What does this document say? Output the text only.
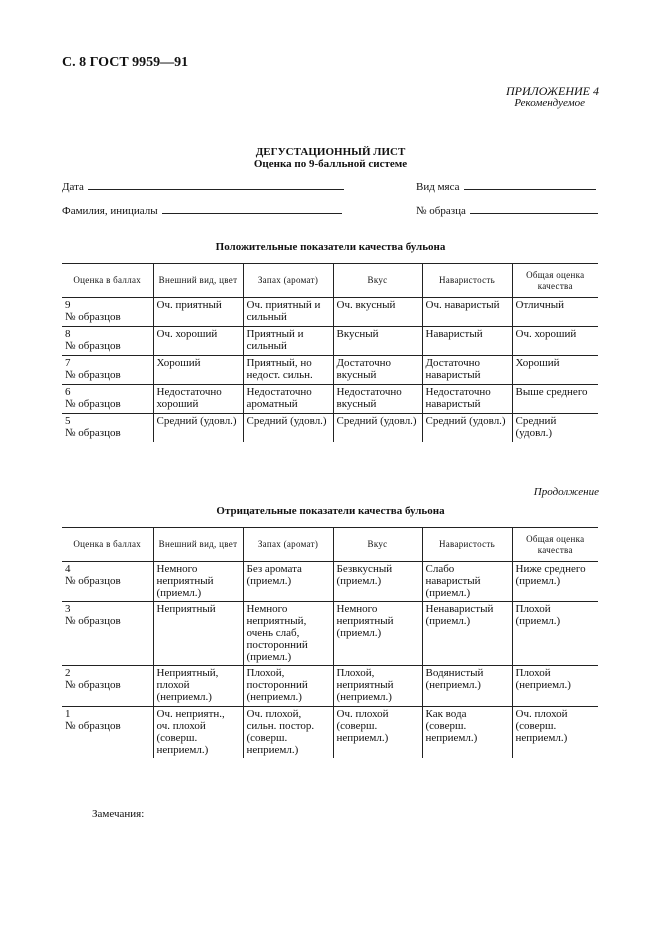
С. 8 ГОСТ 9959—91
ПРИЛОЖЕНИЕ 4
Рекомендуемое
ДЕГУСТАЦИОННЫЙ ЛИСТ
Оценка по 9-балльной системе
Дата	Вид мяса
Фамилия, инициалы	№ образца
Положительные показатели качества бульона
Оценка в баллах	Внешний вид, цвет	Запах (аромат)	Вкус	Наваристость	Общая оценка качества

9
№ образцов	Оч. приятный	Оч. приятный и сильный	Оч. вкусный	Оч. наваристый	Отличный

8
№ образцов	Оч. хороший	Приятный и сильный	Вкусный	Наваристый	Оч. хороший

7
№ образцов	Хороший	Приятный, но недост. сильн.	Достаточно вкусный	Достаточно наваристый	Хороший

6
№ образцов	Недостаточно хороший	Недостаточно ароматный	Недостаточно вкусный	Недостаточно наваристый	Выше среднего

5
№ образцов	Средний (удовл.)	Средний (удовл.)	Средний (удовл.)	Средний (удовл.)	Средний (удовл.)
Продолжение
Отрицательные показатели качества бульона
Оценка в баллах	Внешний вид, цвет	Запах (аромат)	Вкус	Наваристость	Общая оценка качества

4
№ образцов	Немного неприятный (приемл.)	Без аромата (приемл.)	Безвкусный (приемл.)	Слабо наваристый (приемл.)	Ниже среднего (приемл.)

3
№ образцов	Неприятный	Немного неприятный, очень слаб, посторонний (приемл.)	Немного неприятный (приемл.)	Ненаваристый (приемл.)	Плохой (приемл.)

2
№ образцов	Неприятный, плохой (неприемл.)	Плохой, посторонний (неприемл.)	Плохой, неприятный (неприемл.)	Водянистый (неприемл.)	Плохой (неприемл.)

1
№ образцов	Оч. неприятн., оч. плохой (соверш. неприемл.)	Оч. плохой, сильн. постор. (соверш. неприемл.)	Оч. плохой (соверш. неприемл.)	Как вода (соверш. неприемл.)	Оч. плохой (соверш. неприемл.)
Замечания:
